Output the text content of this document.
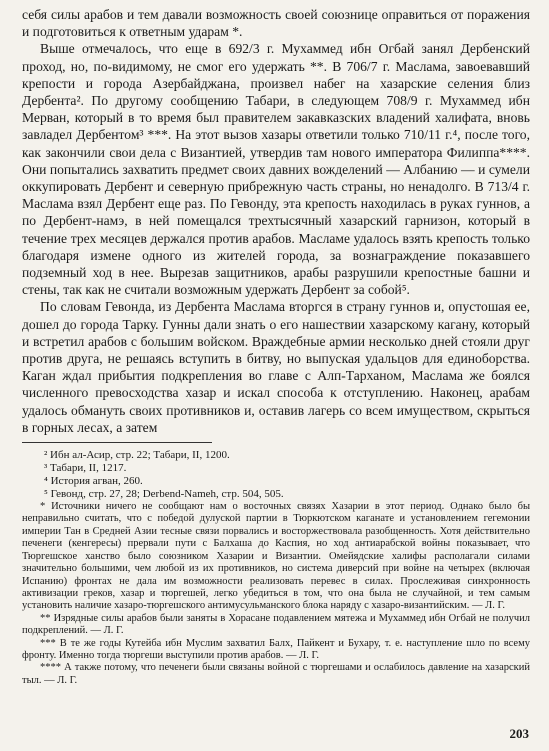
себя силы арабов и тем давали возможность своей союзнице оправиться от поражения и подготовиться к ответным ударам *.

Выше отмечалось, что еще в 692/3 г. Мухаммед ибн Огбай занял Дербенский проход, но, по-видимому, не смог его удержать **. В 706/7 г. Маслама, завоевавший крепости и города Азербайджана, произвел набег на хазарские селения близ Дербента². По другому сообщению Табари, в следующем 708/9 г. Мухаммед ибн Мерван, который в то время был правителем закавказских владений халифата, вновь завладел Дербентом³ ***. На этот вызов хазары ответили только 710/11 г.⁴, после того, как закончили свои дела с Византией, утвердив там нового императора Филиппа****. Они попытались захватить предмет своих давних вожделений — Албанию — и сумели оккупировать Дербент и северную прибрежную часть страны, но ненадолго. В 713/4 г. Маслама взял Дербент еще раз. По Гевонду, эта крепость находилась в руках гуннов, а по Дербент-намэ, в ней помещался трехтысячный хазарский гарнизон, который в течение трех месяцев держался против арабов. Масламе удалось взять крепость только благодаря измене одного из жителей города, за вознаграждение показавшего подземный ход в нее. Вырезав защитников, арабы разрушили крепостные башни и стены, так как не считали возможным удержать Дербент за собой⁵.

По словам Гевонда, из Дербента Маслама вторгся в страну гуннов и, опустошая ее, дошел до города Тарку. Гунны дали знать о его нашествии хазарскому кагану, который и встретил арабов с большим войском. Враждебные армии несколько дней стояли друг против друга, не решаясь вступить в битву, но выпуская удальцов для единоборства. Каган ждал прибытия подкрепления во главе с Алп-Тарханом, Маслама же боялся численного превосходства хазар и искал способа к отступлению. Наконец, арабам удалось обмануть своих противников и, оставив лагерь со всем имуществом, скрыться в горных лесах, а затем

² Ибн ал-Асир, стр. 22; Табари, II, 1200.

³ Табари, II, 1217.

⁴ История агван, 260.

⁵ Гевонд, стр. 27, 28; Derbend-Nameh, стр. 504, 505.

* Источники ничего не сообщают нам о восточных связях Хазарии в этот период. Однако было бы неправильно считать, что с победой дулуской партии в Тюркютском каганате и установлением гегемонии империи Тан в Средней Азии тесные связи порвались и восторжествовала разобщенность. Хотя действительно печенеги (кенгересы) прервали пути с Балхаша до Каспия, но ход антиарабской войны показывает, что Тюргешское ханство было союзником Хазарии и Византии. Омейядские халифы располагали силами значительно большими, чем любой из их противников, но система диверсий при войне на четырех (включая Испанию) фронтах не дала им возможности реализовать перевес в силах. Прослеживая синхронность активизации греков, хазар и тюргешей, легко убедиться в том, что она была не случайной, и тем самым установить наличие хазаро-тюргешского антимусульманского блока наряду с хазаро-византийским. — Л. Г.

** Изрядные силы арабов были заняты в Хорасане подавлением мятежа и Мухаммед ибн Огбай не получил подкреплений. — Л. Г.

*** В те же годы Кутейба ибн Муслим захватил Балх, Пайкент и Бухару, т. е. наступление шло по всему фронту. Именно тогда тюргеши выступили против арабов. — Л. Г.

**** А также потому, что печенеги были связаны войной с тюргешами и ослабилось давление на хазарский тыл. — Л. Г.

203
